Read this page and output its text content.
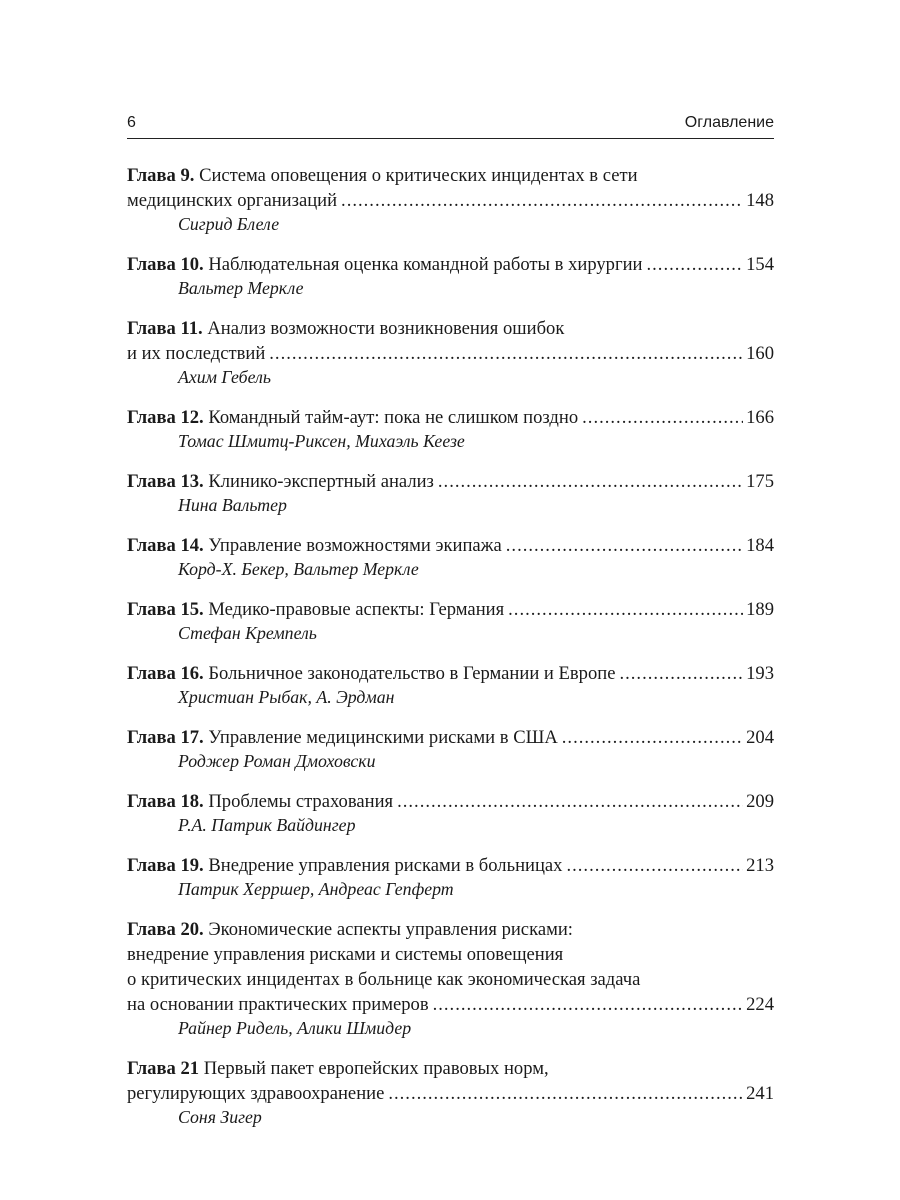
6	Оглавление
Глава 9. Система оповещения о критических инцидентах в сети
медицинских организаций .....	148
Сигрид Блеле
Глава 10. Наблюдательная оценка командной работы в хирургии .....	154
Вальтер Меркле
Глава 11. Анализ возможности возникновения ошибок
и их последствий .....	160
Ахим Гебель
Глава 12. Командный тайм-аут: пока не слишком поздно .....	166
Томас Шмитц-Риксен, Михаэль Кеезе
Глава 13. Клинико-экспертный анализ .....	175
Нина Вальтер
Глава 14. Управление возможностями экипажа .....	184
Корд-Х. Бекер, Вальтер Меркле
Глава 15. Медико-правовые аспекты: Германия .....	189
Стефан Кремпель
Глава 16. Больничное законодательство в Германии и Европе .....	193
Христиан Рыбак, А. Эрдман
Глава 17. Управление медицинскими рисками в США .....	204
Роджер Роман Дмоховски
Глава 18. Проблемы страхования .....	209
Р.А. Патрик Вайдингер
Глава 19. Внедрение управления рисками в больницах .....	213
Патрик Херршер, Андреас Гепферт
Глава 20. Экономические аспекты управления рисками:
внедрение управления рисками и системы оповещения
о критических инцидентах в больнице как экономическая задача
на основании практических примеров .....	224
Райнер Ридель, Алики Шмидер
Глава 21 Первый пакет европейских правовых норм,
регулирующих здравоохранение .....	241
Соня Зигер
